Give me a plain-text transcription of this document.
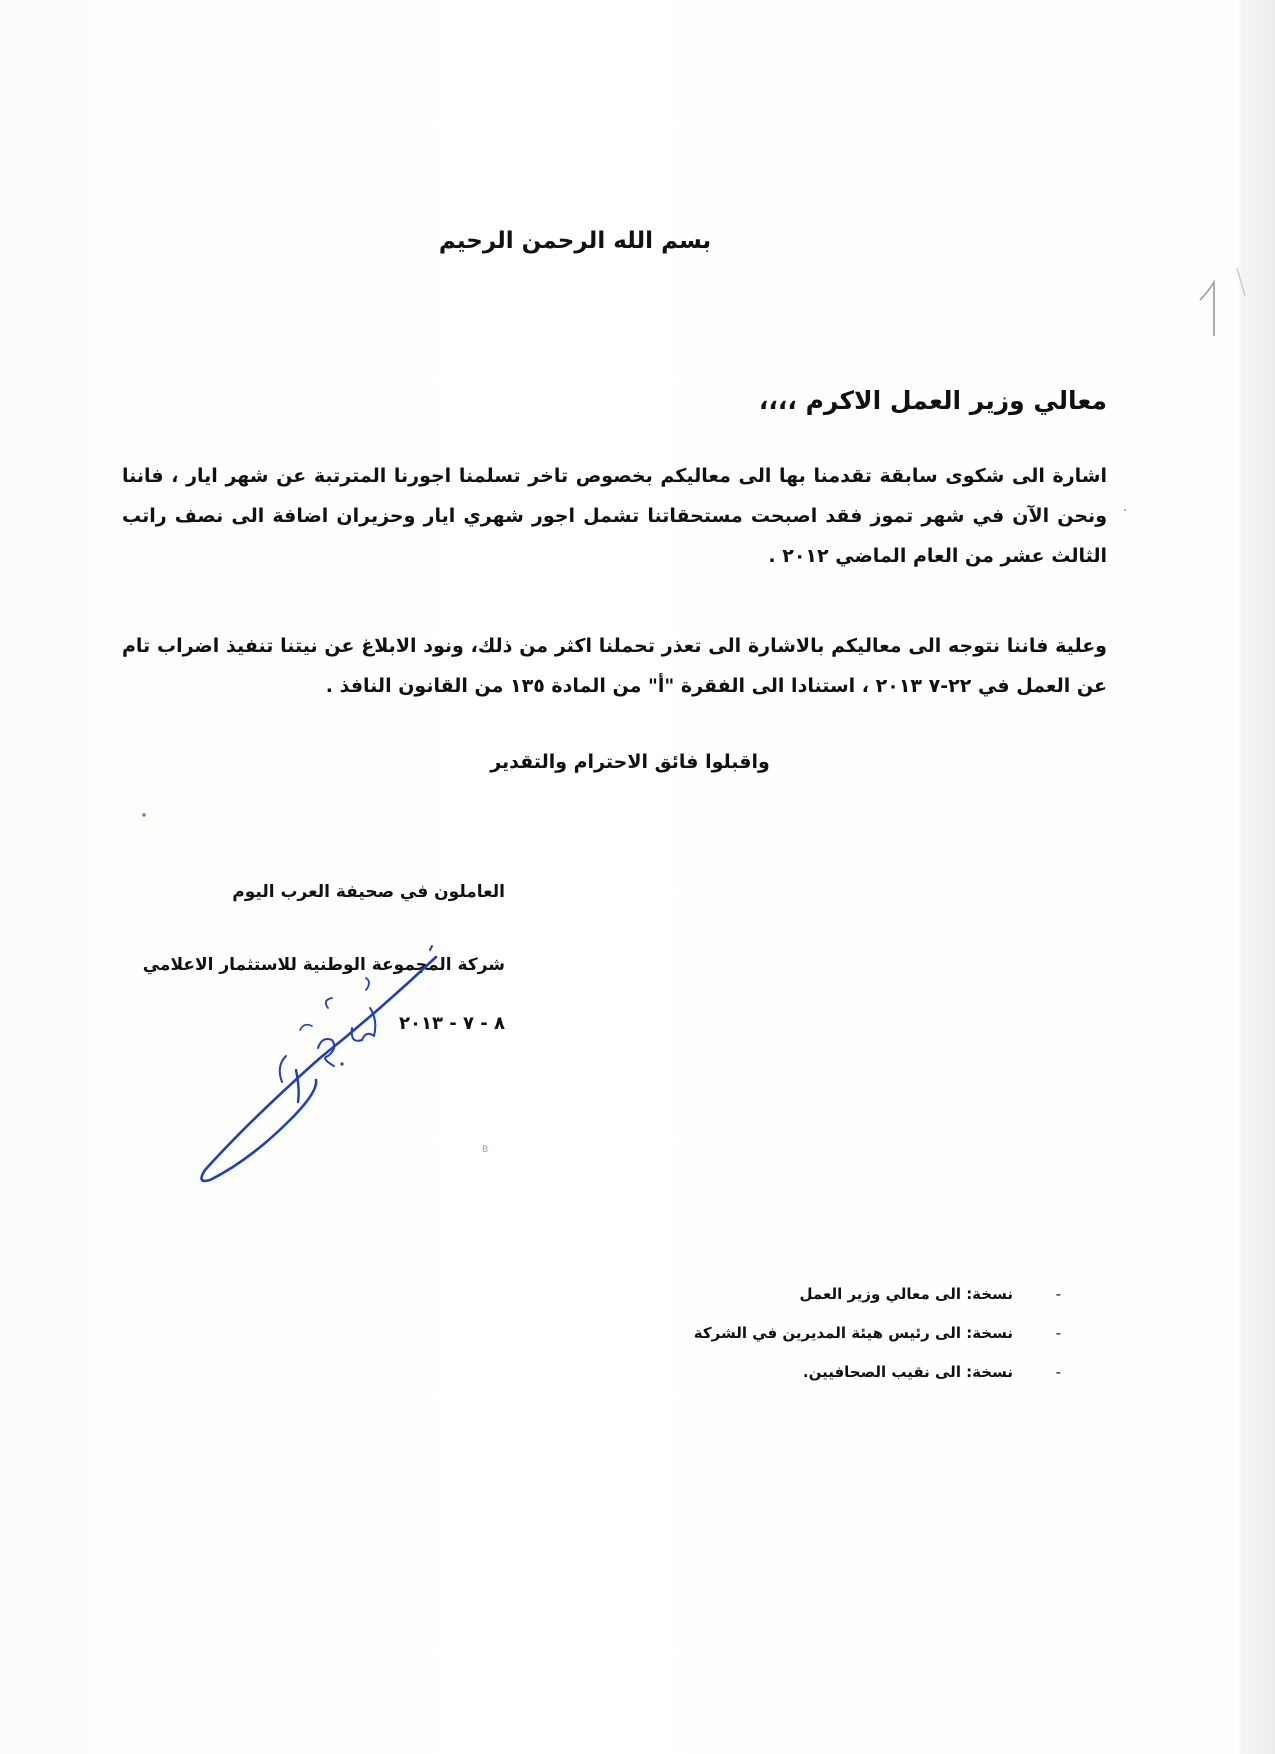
بسم الله الرحمن الرحيم
معالي وزير العمل الاكرم ،،،،
اشارة الى شكوى سابقة تقدمنا بها الى معاليكم بخصوص تاخر تسلمنا اجورنا المترتبة عن شهر ايار ، فاننا ونحن الآن في شهر تموز فقد اصبحت مستحقاتنا تشمل اجور شهري ايار وحزيران اضافة الى نصف راتب الثالث عشر من العام الماضي ٢٠١٢ .
وعلية فاننا نتوجه الى معاليكم بالاشارة الى تعذر تحملنا اكثر من ذلك، ونود الابلاغ عن نيتنا تنفيذ اضراب تام عن العمل في ٢٢-٧ ٢٠١٣ ، استنادا الى الفقرة "أ" من المادة ١٣٥ من القانون النافذ .
واقبلوا فائق الاحترام والتقدير
العاملون في صحيفة العرب اليوم
شركة المجموعة الوطنية للاستثمار الاعلامي
٨ - ٧ - ٢٠١٣
-
نسخة: الى معالي وزير العمل
-
نسخة: الى رئيس هيئة المديرين في الشركة
-
نسخة: الى نقيب الصحافيين.
B
